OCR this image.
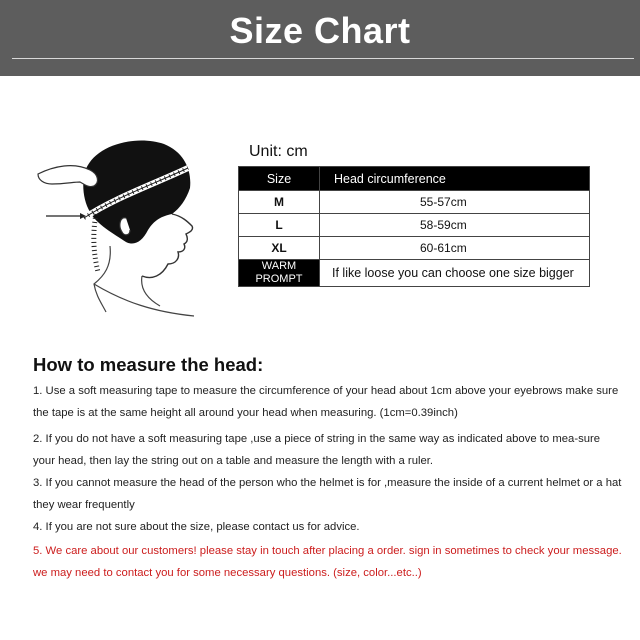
Size Chart
Unit: cm
Size	Head circumference
M	55-57cm
L	58-59cm
XL	60-61cm
WARM
PROMPT	If like loose you can choose one size bigger
How to measure the head:
1. Use a soft measuring tape to measure the circumference of your head about 1cm above your eyebrows make sure the tape is at the same height all around your head when measuring. (1cm=0.39inch)
2. If you do not have a soft measuring tape ,use a piece of string in the same way as indicated above to mea-sure your head, then lay the string out on a table and measure the length with a ruler.
3. If you cannot measure the head of the person who the helmet is for ,measure the inside of a current helmet or a hat they wear frequently
4. If you are not sure about the size, please contact us for advice.
5. We care about our customers! please stay in touch after placing a order. sign in sometimes to check your message. we may need to contact you for some necessary questions. (size, color...etc..)
